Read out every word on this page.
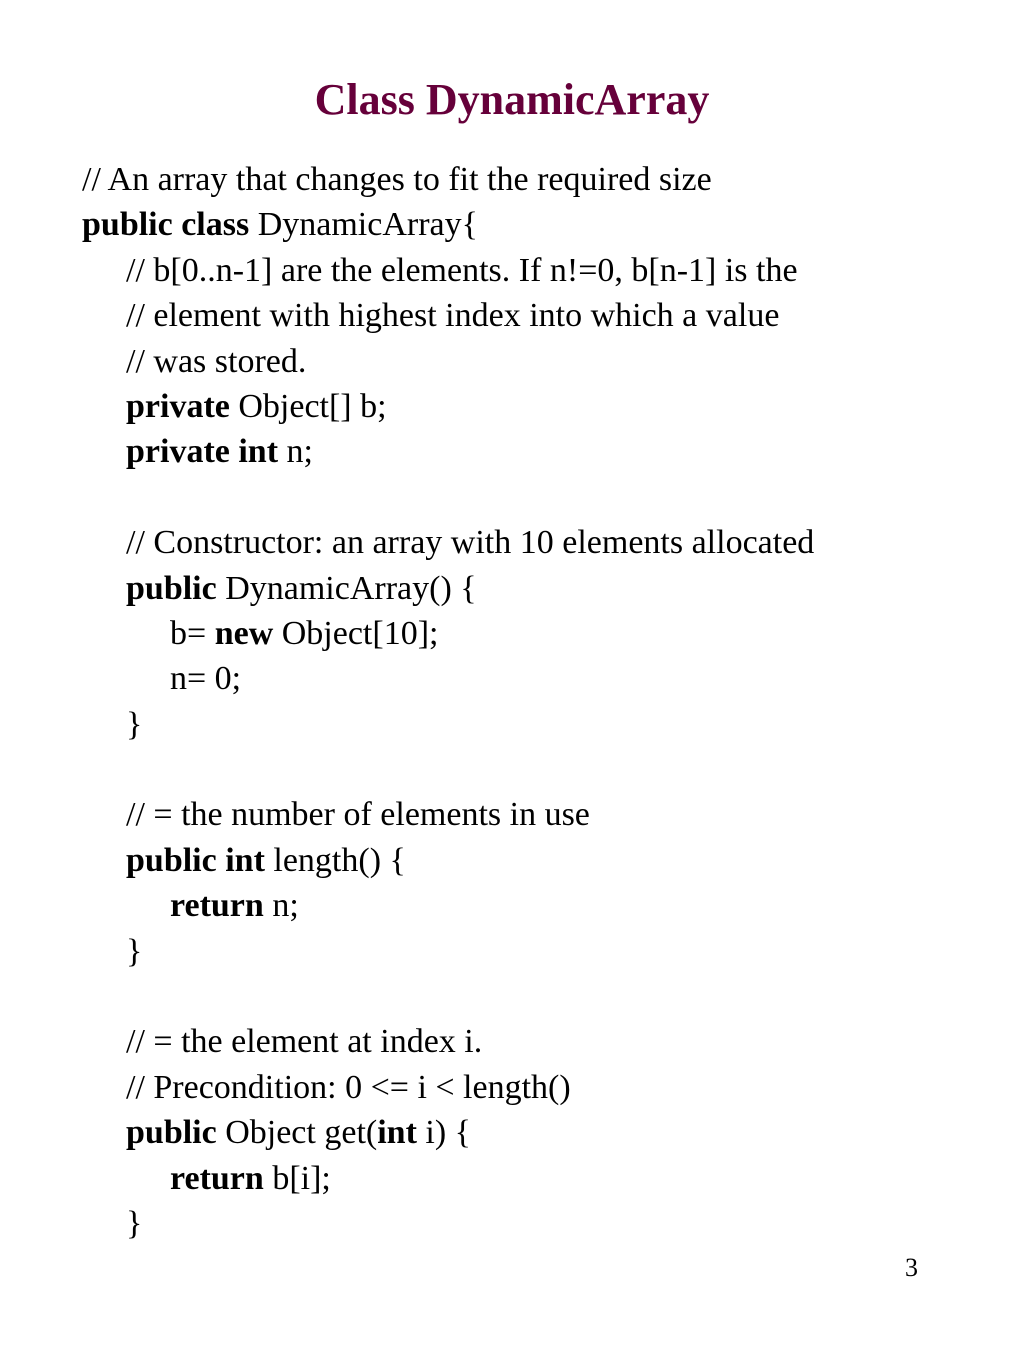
Class DynamicArray
// An array that changes to fit the required size
public class DynamicArray{
// b[0..n-1] are the elements. If n!=0, b[n-1] is the
// element with highest index into which a value
// was stored.
private Object[] b;
private int n;
// Constructor: an array with 10 elements allocated
public DynamicArray() {
b= new Object[10];
n= 0;
}
// = the number of elements in use
public int length() {
return n;
}
// = the element at index i.
// Precondition: 0 <= i < length()
public Object get(int i) {
return b[i];
}
3
